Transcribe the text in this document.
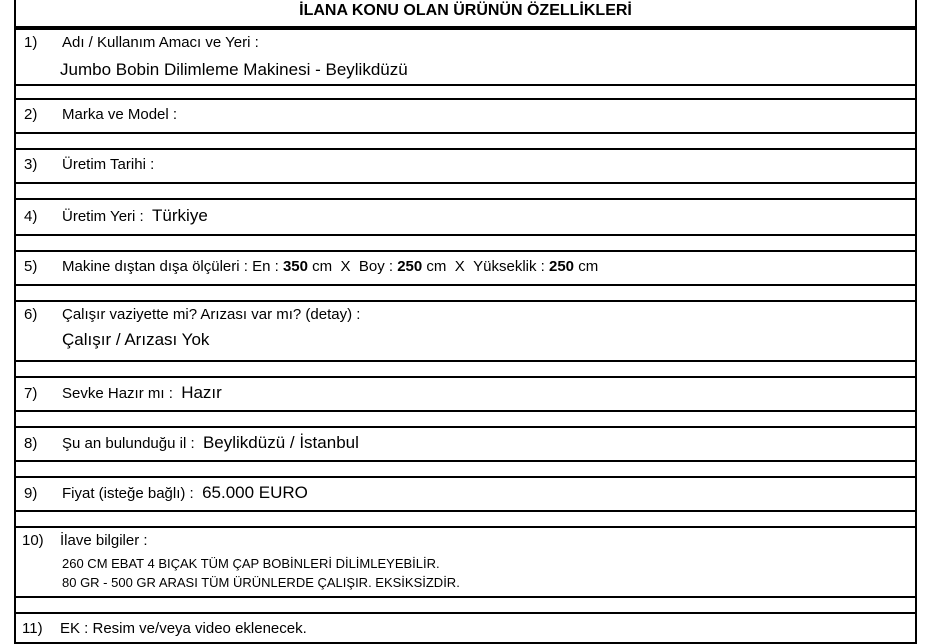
İLANA KONU OLAN ÜRÜNÜN ÖZELLİKLERİ
1) Adı / Kullanım Amacı ve Yeri :
Jumbo Bobin Dilimleme Makinesi - Beylikdüzü
2) Marka ve Model :
3) Üretim Tarihi :
4) Üretim Yeri : Türkiye
5) Makine dıştan dışa ölçüleri : En : 350 cm X Boy : 250 cm X Yükseklik : 250 cm
6) Çalışır vaziyette mi? Arızası var mı? (detay) :
Çalışır / Arızası Yok
7) Sevke Hazır mı : Hazır
8) Şu an bulunduğu il : Beylikdüzü / İstanbul
9) Fiyat (isteğe bağlı) : 65.000 EURO
10) İlave bilgiler :
260 CM EBAT 4 BIÇAK TÜM ÇAP BOBİNLERİ DİLİMLEYEBİLİR.
80 GR - 500 GR ARASI TÜM ÜRÜNLERDE ÇALIŞIR. EKSİKSİZDİR.
11) EK : Resim ve/veya video eklenecek.
